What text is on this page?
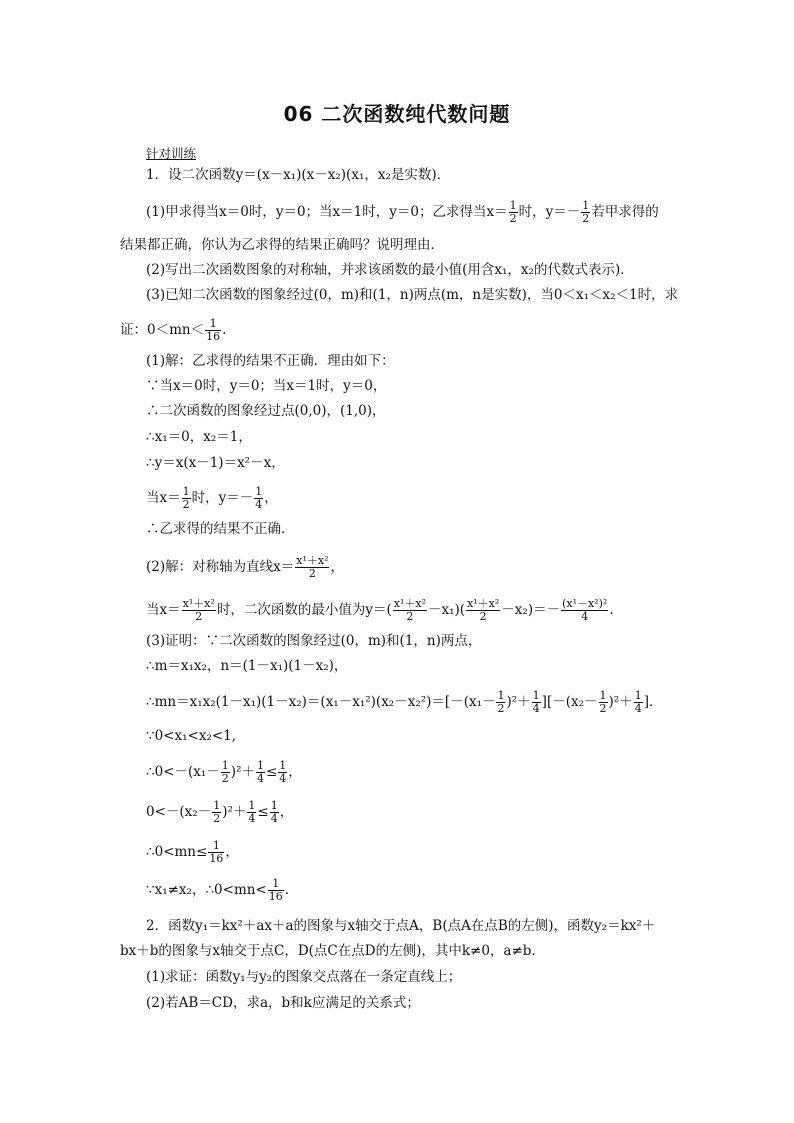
06 二次函数纯代数问题
针对训练
1．设二次函数y＝(x－x₁)(x－x₂)(x₁，x₂是实数)．
(1)甲求得当x＝0时，y＝0；当x＝1时，y＝0；乙求得当$x= \frac{1}{2}$ 时，$y=- \frac{1}{2}$ 若甲求得的
结果都正确，你认为乙求得的结果正确吗？说明理由．
(2)写出二次函数图象的对称轴，并求该函数的最小值(用含x₁，x₂的代数式表示)．
(3)已知二次函数的图象经过(0，m)和(1，n)两点(m，n是实数)，当0＜x₁＜x₂＜1时，求
证：$0<mn< \frac{1}{16}$ .
(1)解：乙求得的结果不正确．理由如下：
∵当x＝0时，y＝0；当x＝1时，y＝0，
∴二次函数的图象经过点(0,0)，(1,0)，
∴x₁＝0，x₂＝1，
∴y＝x(x－1)＝x²－x，
当$x= \frac{1}{2}$ 时，$y=- \frac{1}{4}$ ，
∴乙求得的结果不正确．
(2)解：对称轴为直线$x= \frac{\text{x¹＋x²}}{2}$ ，
当$x= \frac{\text{x¹＋x²}}{2}$ 时，二次函数的最小值为$y=( \frac{\text{x¹＋x²}}{2} -x_1)( \frac{\text{x¹＋x²}}{2} -x_2)=- \frac{\text{(x¹－x²)²}}{4}$ .
(3)证明：∵二次函数的图象经过(0，m)和(1，n)两点，
∴m＝x₁x₂，n＝(1－x₁)(1－x₂)，
∴mn＝x₁x₂(1－x₁)(1－x₂)＝(x₁－x₁²)(x₂－x₂²)＝[－(x₁－ $\frac{1}{2} )^2+ \frac{1}{4} ][-(x_2- \frac{1}{2} )^2+ \frac{1}{4}$ ]．
∵0<x₁<x₂<1,
∴0<－(x₁－ $\frac{1}{2} )^2+ \frac{1}{4} \le \frac{1}{4}$ ，
$0<-(x_2- \frac{1}{2} )^2+ \frac{1}{4} \le \frac{1}{4}$ ，
∴0<mn≤ $\frac{1}{16}$ ，
∵x₁≠x₂，∴0<mn< $\frac{1}{16}$ .
2．函数y₁＝kx²＋ax＋a的图象与x轴交于点A，B(点A在点B的左侧)，函数y₂＝kx²＋
bx＋b的图象与x轴交于点C，D(点C在点D的左侧)，其中k≠0，a≠b．
(1)求证：函数y₁与y₂的图象交点落在一条定直线上；
(2)若AB＝CD，求a，b和k应满足的关系式；
